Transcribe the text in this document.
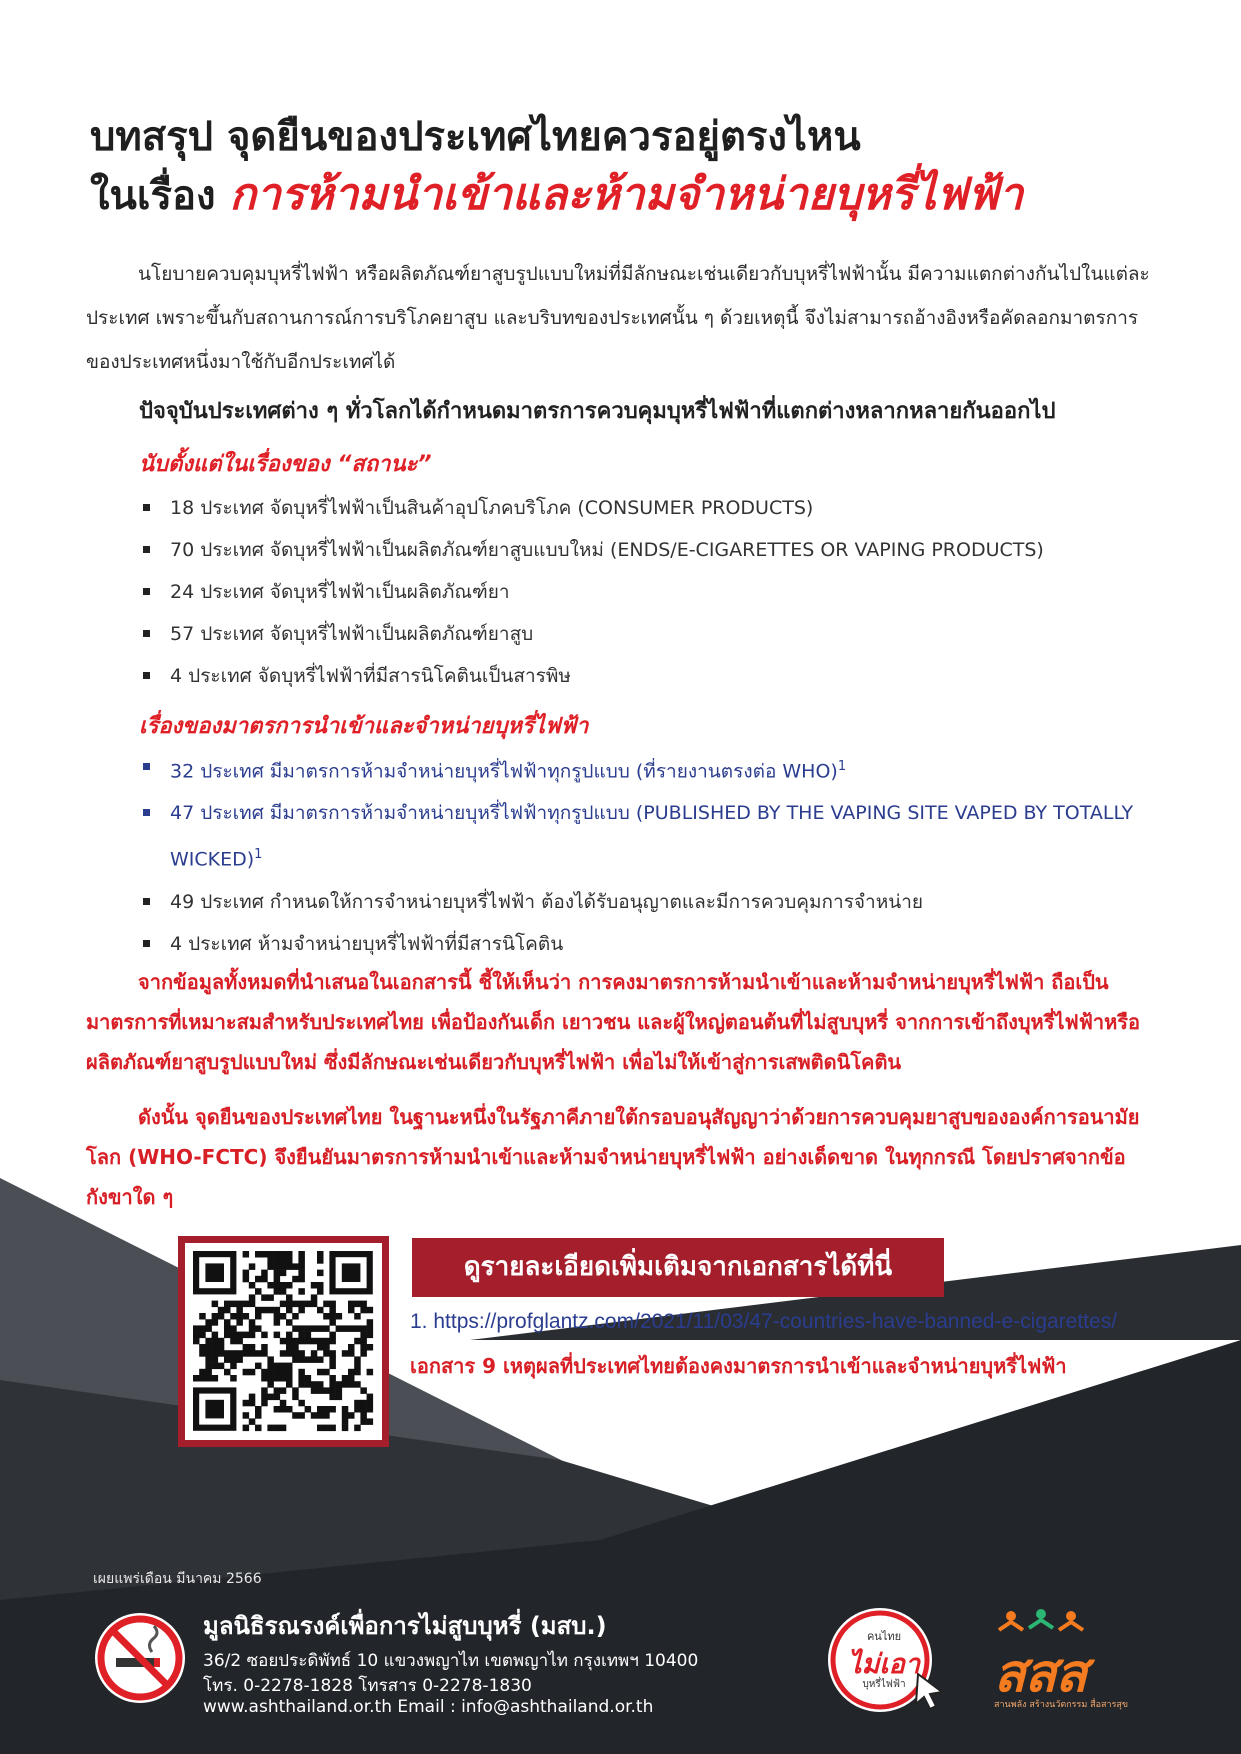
บทสรุป จุดยืนของประเทศไทยควรอยู่ตรงไหน
ในเรื่อง การห้ามนำเข้าและห้ามจำหน่ายบุหรี่ไฟฟ้า

นโยบายควบคุมบุหรี่ไฟฟ้า หรือผลิตภัณฑ์ยาสูบรูปแบบใหม่ที่มีลักษณะเช่นเดียวกับบุหรี่ไฟฟ้านั้น มีความแตกต่างกันไปในแต่ละประเทศ เพราะขึ้นกับสถานการณ์การบริโภคยาสูบ และบริบทของประเทศนั้น ๆ ด้วยเหตุนี้ จึงไม่สามารถอ้างอิงหรือคัดลอกมาตรการของประเทศหนึ่งมาใช้กับอีกประเทศได้

ปัจจุบันประเทศต่าง ๆ ทั่วโลกได้กำหนดมาตรการควบคุมบุหรี่ไฟฟ้าที่แตกต่างหลากหลายกันออกไป

นับตั้งแต่ในเรื่องของ “สถานะ”
18 ประเทศ จัดบุหรี่ไฟฟ้าเป็นสินค้าอุปโภคบริโภค (CONSUMER PRODUCTS)
70 ประเทศ จัดบุหรี่ไฟฟ้าเป็นผลิตภัณฑ์ยาสูบแบบใหม่ (ENDS/E-CIGARETTES OR VAPING PRODUCTS)
24 ประเทศ จัดบุหรี่ไฟฟ้าเป็นผลิตภัณฑ์ยา
57 ประเทศ จัดบุหรี่ไฟฟ้าเป็นผลิตภัณฑ์ยาสูบ
4 ประเทศ จัดบุหรี่ไฟฟ้าที่มีสารนิโคตินเป็นสารพิษ
เรื่องของมาตรการนำเข้าและจำหน่ายบุหรี่ไฟฟ้า
32 ประเทศ มีมาตรการห้ามจำหน่ายบุหรี่ไฟฟ้าทุกรูปแบบ (ที่รายงานตรงต่อ WHO)$^1$
47 ประเทศ มีมาตรการห้ามจำหน่ายบุหรี่ไฟฟ้าทุกรูปแบบ (PUBLISHED BY THE VAPING SITE VAPED BY TOTALLY WICKED)$^1$
49 ประเทศ กำหนดให้การจำหน่ายบุหรี่ไฟฟ้า ต้องได้รับอนุญาตและมีการควบคุมการจำหน่าย
4 ประเทศ ห้ามจำหน่ายบุหรี่ไฟฟ้าที่มีสารนิโคติน

จากข้อมูลทั้งหมดที่นำเสนอในเอกสารนี้ ชี้ให้เห็นว่า การคงมาตรการห้ามนำเข้าและห้ามจำหน่ายบุหรี่ไฟฟ้า ถือเป็นมาตรการที่เหมาะสมสำหรับประเทศไทย เพื่อป้องกันเด็ก เยาวชน และผู้ใหญ่ตอนต้นที่ไม่สูบบุหรี่ จากการเข้าถึงบุหรี่ไฟฟ้าหรือผลิตภัณฑ์ยาสูบรูปแบบใหม่ ซึ่งมีลักษณะเช่นเดียวกับบุหรี่ไฟฟ้า เพื่อไม่ให้เข้าสู่การเสพติดนิโคติน

ดังนั้น จุดยืนของประเทศไทย ในฐานะหนึ่งในรัฐภาคีภายใต้กรอบอนุสัญญาว่าด้วยการควบคุมยาสูบขององค์การอนามัยโลก (WHO-FCTC) จึงยืนยันมาตรการห้ามนำเข้าและห้ามจำหน่ายบุหรี่ไฟฟ้า อย่างเด็ดขาด ในทุกกรณี โดยปราศจากข้อกังขาใด ๆ

ดูรายละเอียดเพิ่มเติมจากเอกสารได้ที่นี่

1. https://profglantz.com/2021/11/03/47-countries-have-banned-e-cigarettes/

เอกสาร 9 เหตุผลที่ประเทศไทยต้องคงมาตรการนำเข้าและจำหน่ายบุหรี่ไฟฟ้า

เผยแพร่เดือน มีนาคม 2566

มูลนิธิรณรงค์เพื่อการไม่สูบบุหรี่ (มสบ.)

36/2 ซอยประดิพัทธ์ 10 แขวงพญาไท เขตพญาไท กรุงเทพฯ 10400

โทร. 0-2278-1828 โทรสาร 0-2278-1830

www.ashthailand.or.th Email : info@ashthailand.or.th

คนไทย

ไม่เอา

บุหรี่ไฟฟ้า สสส

สานพลัง สร้างนวัตกรรม สื่อสารสุข
